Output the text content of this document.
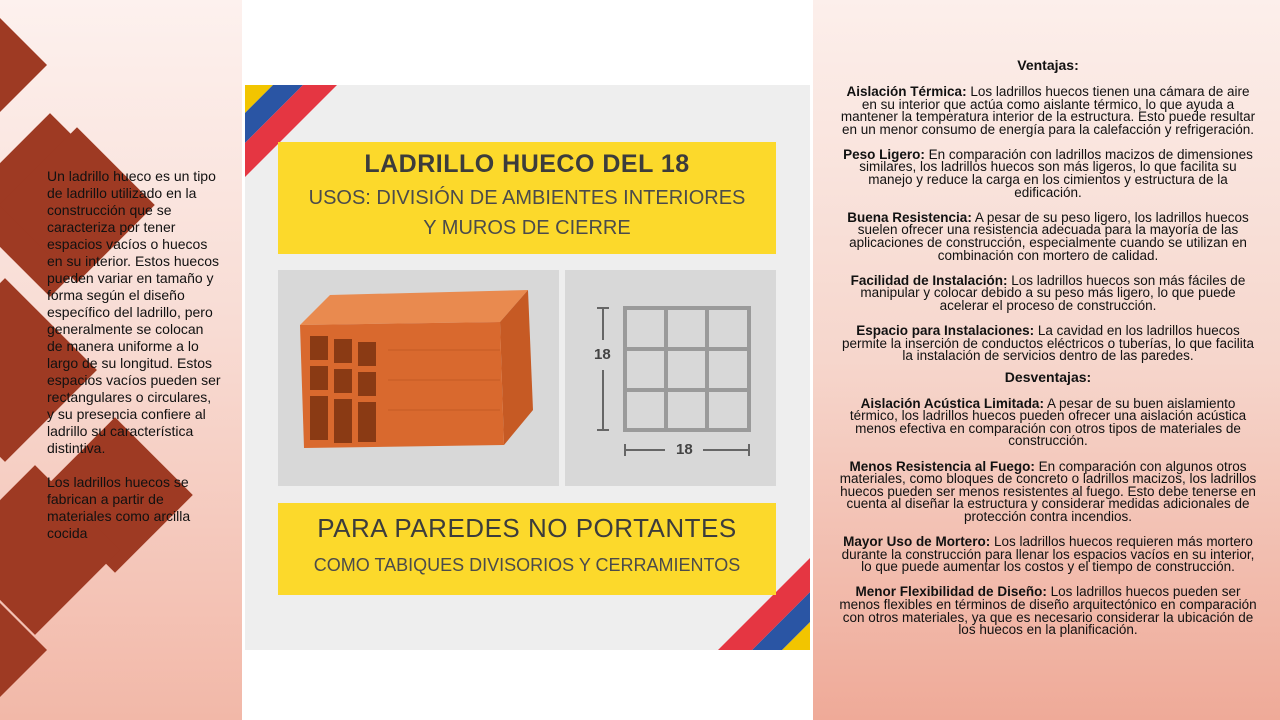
Un ladrillo hueco es un tipo de ladrillo utilizado en la construcción que se caracteriza por tener espacios vacíos o huecos en su interior. Estos huecos pueden variar en tamaño y forma según el diseño específico del ladrillo, pero generalmente se colocan de manera uniforme a lo largo de su longitud. Estos espacios vacíos pueden ser rectangulares o circulares, y su presencia confiere al ladrillo su característica distintiva.

Los ladrillos huecos se fabrican a partir de materiales como arcilla cocida

LADRILLO HUECO DEL 18
USOS: DIVISIÓN DE AMBIENTES INTERIORES
Y MUROS DE CIERRE
18
18
PARA PAREDES NO PORTANTES
COMO TABIQUES DIVISORIOS Y CERRAMIENTOS
Ventajas:

Aislación Térmica: Los ladrillos huecos tienen una cámara de aire en su interior que actúa como aislante térmico, lo que ayuda a mantener la temperatura interior de la estructura. Esto puede resultar en un menor consumo de energía para la calefacción y refrigeración.

Peso Ligero: En comparación con ladrillos macizos de dimensiones similares, los ladrillos huecos son más ligeros, lo que facilita su manejo y reduce la carga en los cimientos y estructura de la edificación.

Buena Resistencia: A pesar de su peso ligero, los ladrillos huecos suelen ofrecer una resistencia adecuada para la mayoría de las aplicaciones de construcción, especialmente cuando se utilizan en combinación con mortero de calidad.

Facilidad de Instalación: Los ladrillos huecos son más fáciles de manipular y colocar debido a su peso más ligero, lo que puede acelerar el proceso de construcción.

Espacio para Instalaciones: La cavidad en los ladrillos huecos permite la inserción de conductos eléctricos o tuberías, lo que facilita la instalación de servicios dentro de las paredes.

Desventajas:

Aislación Acústica Limitada: A pesar de su buen aislamiento térmico, los ladrillos huecos pueden ofrecer una aislación acústica menos efectiva en comparación con otros tipos de materiales de construcción.

Menos Resistencia al Fuego: En comparación con algunos otros materiales, como bloques de concreto o ladrillos macizos, los ladrillos huecos pueden ser menos resistentes al fuego. Esto debe tenerse en cuenta al diseñar la estructura y considerar medidas adicionales de protección contra incendios.

Mayor Uso de Mortero: Los ladrillos huecos requieren más mortero durante la construcción para llenar los espacios vacíos en su interior, lo que puede aumentar los costos y el tiempo de construcción.

Menor Flexibilidad de Diseño: Los ladrillos huecos pueden ser menos flexibles en términos de diseño arquitectónico en comparación con otros materiales, ya que es necesario considerar la ubicación de los huecos en la planificación.
